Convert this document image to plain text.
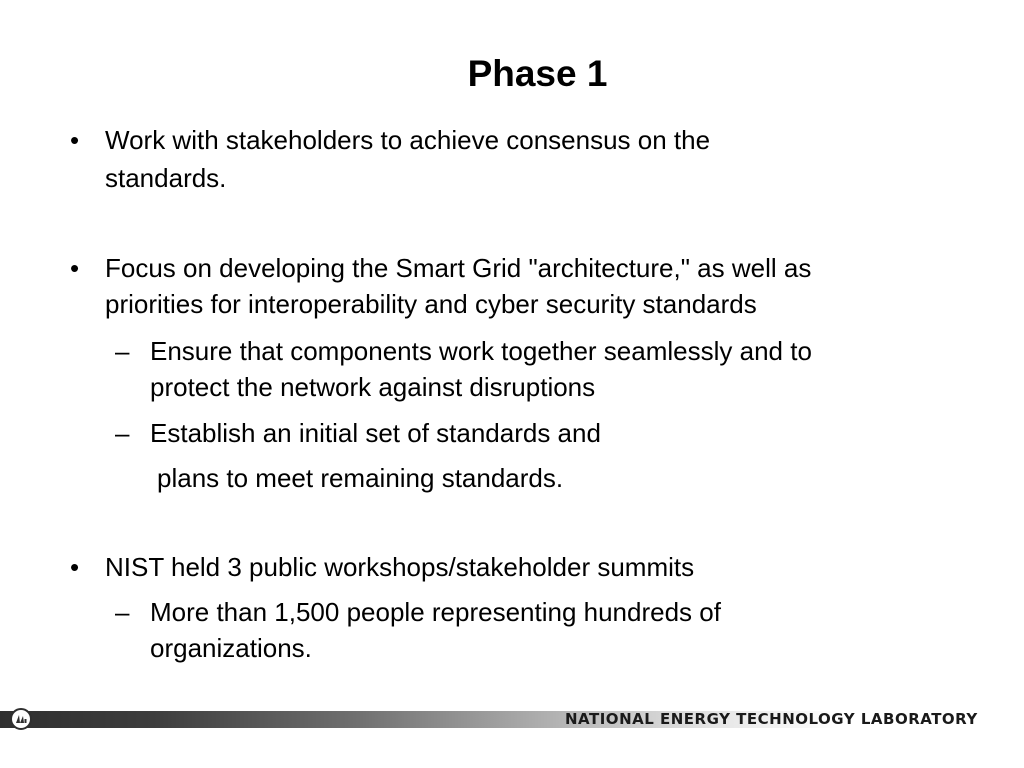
Phase 1
• Work with stakeholders to achieve consensus on the
standards.
• Focus on developing the Smart Grid "architecture," as well as
priorities for interoperability and cyber security standards
– Ensure that components work together seamlessly and to
protect the network against disruptions
– Establish an initial set of standards and
plans to meet remaining standards.
• NIST held 3 public workshops/stakeholder summits
– More than 1,500 people representing hundreds of
organizations.
NATIONAL ENERGY TECHNOLOGY LABORATORY
